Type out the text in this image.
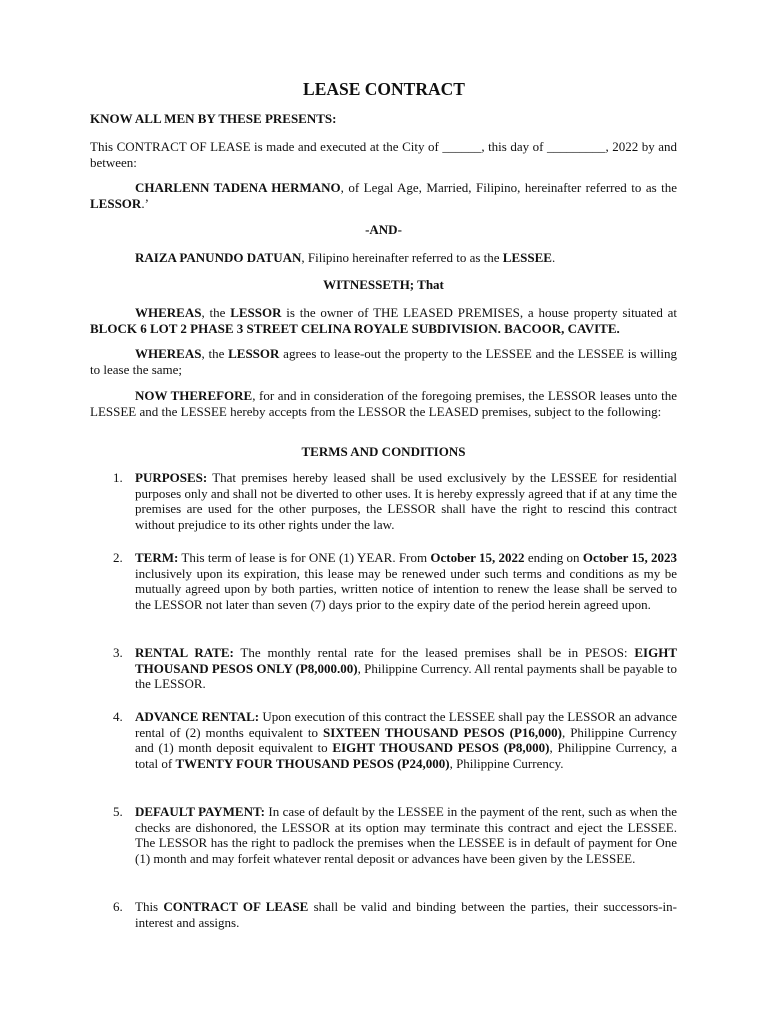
LEASE CONTRACT

KNOW ALL MEN BY THESE PRESENTS:

This CONTRACT OF LEASE is made and executed at the City of ______, this day of _________, 2022 by and between:

CHARLENN TADENA HERMANO, of Legal Age, Married, Filipino, hereinafter referred to as the LESSOR.’

-AND-

RAIZA PANUNDO DATUAN, Filipino hereinafter referred to as the LESSEE.

WITNESSETH; That

WHEREAS, the LESSOR is the owner of THE LEASED PREMISES, a house property situated at BLOCK 6 LOT 2 PHASE 3 STREET CELINA ROYALE SUBDIVISION. BACOOR, CAVITE.

WHEREAS, the LESSOR agrees to lease-out the property to the LESSEE and the LESSEE is willing to lease the same;

NOW THEREFORE, for and in consideration of the foregoing premises, the LESSOR leases unto the LESSEE and the LESSEE hereby accepts from the LESSOR the LEASED premises, subject to the following:

TERMS AND CONDITIONS

1. PURPOSES: That premises hereby leased shall be used exclusively by the LESSEE for residential purposes only and shall not be diverted to other uses. It is hereby expressly agreed that if at any time the premises are used for the other purposes, the LESSOR shall have the right to rescind this contract without prejudice to its other rights under the law.

2. TERM: This term of lease is for ONE (1) YEAR. From October 15, 2022 ending on October 15, 2023 inclusively upon its expiration, this lease may be renewed under such terms and conditions as my be mutually agreed upon by both parties, written notice of intention to renew the lease shall be served to the LESSOR not later than seven (7) days prior to the expiry date of the period herein agreed upon.

3. RENTAL RATE: The monthly rental rate for the leased premises shall be in PESOS: EIGHT THOUSAND PESOS ONLY (P8,000.00), Philippine Currency. All rental payments shall be payable to the LESSOR.

4. ADVANCE RENTAL: Upon execution of this contract the LESSEE shall pay the LESSOR an advance rental of (2) months equivalent to SIXTEEN THOUSAND PESOS (P16,000), Philippine Currency and (1) month deposit equivalent to EIGHT THOUSAND PESOS (P8,000), Philippine Currency, a total of TWENTY FOUR THOUSAND PESOS (P24,000), Philippine Currency.

5. DEFAULT PAYMENT: In case of default by the LESSEE in the payment of the rent, such as when the checks are dishonored, the LESSOR at its option may terminate this contract and eject the LESSEE. The LESSOR has the right to padlock the premises when the LESSEE is in default of payment for One (1) month and may forfeit whatever rental deposit or advances have been given by the LESSEE.

6. This CONTRACT OF LEASE shall be valid and binding between the parties, their successors-in-interest and assigns.
